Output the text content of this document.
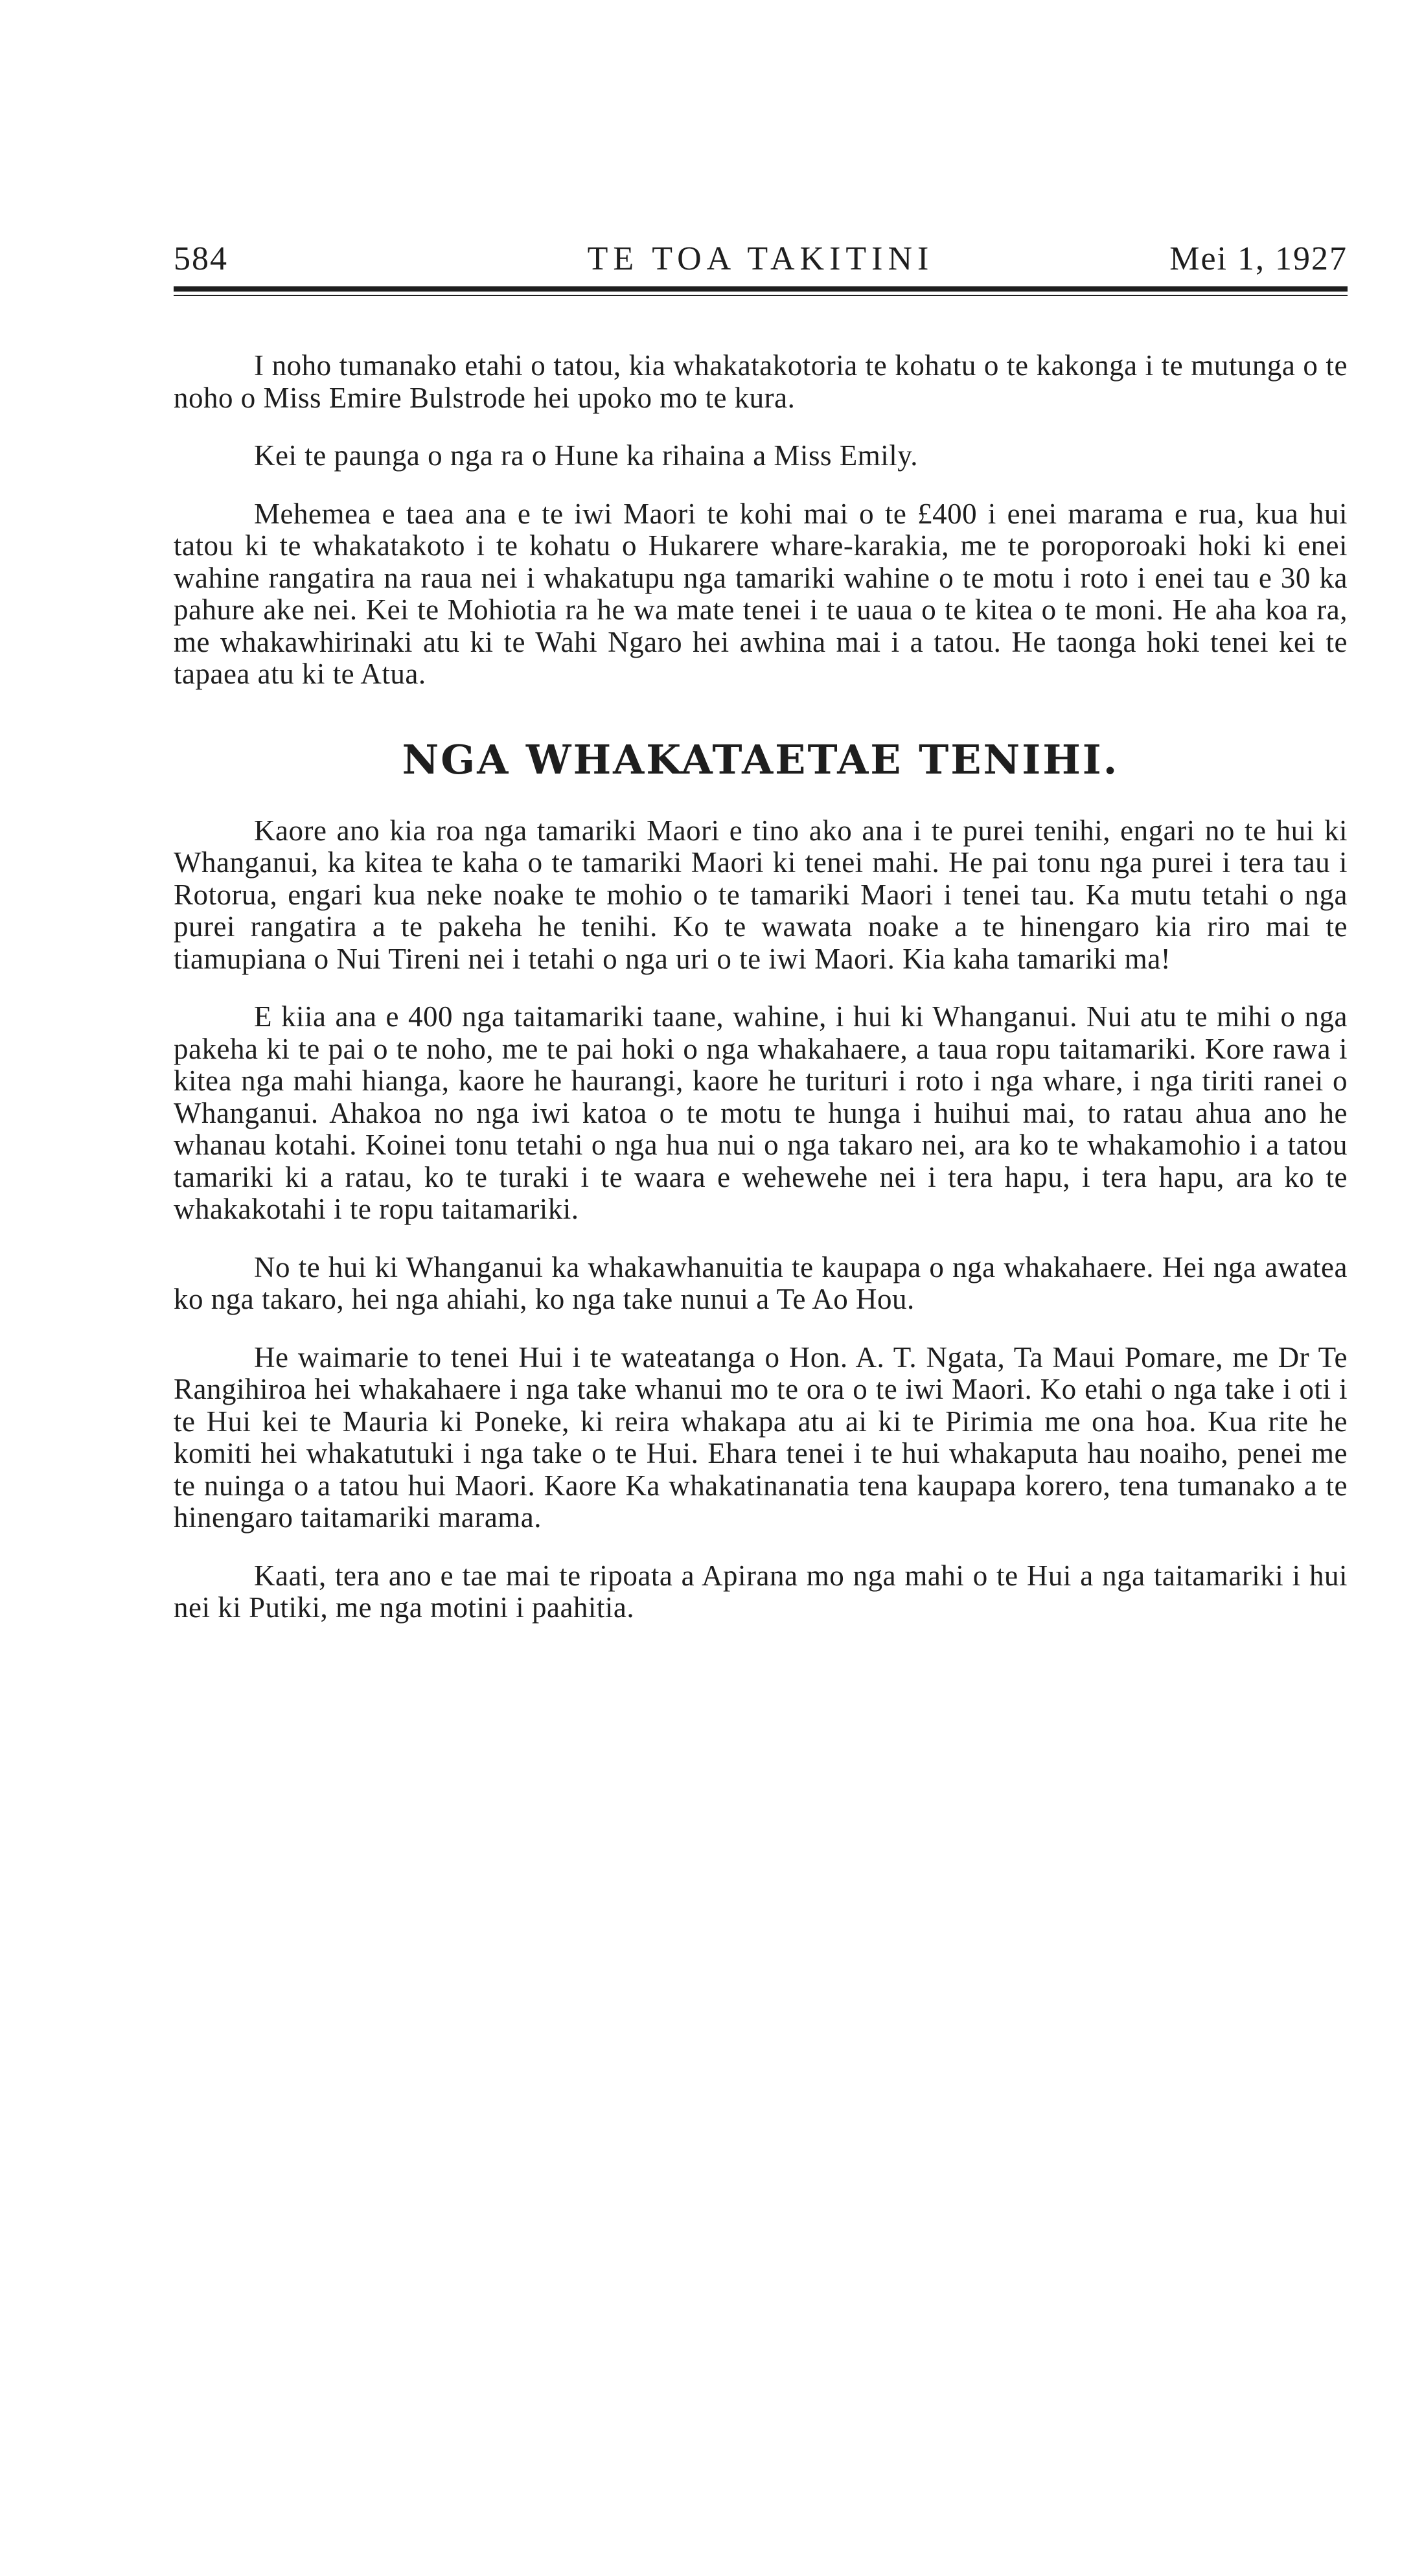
584	TE TOA TAKITINI	Mei 1, 1927

I noho tumanako etahi o tatou, kia whakatakotoria te kohatu o te kakonga i te mutunga o te noho o Miss Emire Bulstrode hei upoko mo te kura.

Kei te paunga o nga ra o Hune ka rihaina a Miss Emily.

Mehemea e taea ana e te iwi Maori te kohi mai o te £400 i enei marama e rua, kua hui tatou ki te whakatakoto i te kohatu o Hukarere whare-karakia, me te poroporoaki hoki ki enei wahine rangatira na raua nei i whakatupu nga tamariki wahine o te motu i roto i enei tau e 30 ka pahure ake nei. Kei te Mohiotia ra he wa mate tenei i te uaua o te kitea o te moni. He aha koa ra, me whakawhirinaki atu ki te Wahi Ngaro hei awhina mai i a tatou. He taonga hoki tenei kei te tapaea atu ki te Atua.

NGA WHAKATAETAE TENIHI.

Kaore ano kia roa nga tamariki Maori e tino ako ana i te purei tenihi, engari no te hui ki Whanganui, ka kitea te kaha o te tamariki Maori ki tenei mahi. He pai tonu nga purei i tera tau i Rotorua, engari kua neke noake te mohio o te tamariki Maori i tenei tau. Ka mutu tetahi o nga purei rangatira a te pakeha he tenihi. Ko te wawata noake a te hinengaro kia riro mai te tiamupiana o Nui Tireni nei i tetahi o nga uri o te iwi Maori. Kia kaha tamariki ma!

E kiia ana e 400 nga taitamariki taane, wahine, i hui ki Whanganui. Nui atu te mihi o nga pakeha ki te pai o te noho, me te pai hoki o nga whakahaere, a taua ropu taitamariki. Kore rawa i kitea nga mahi hianga, kaore he haurangi, kaore he turituri i roto i nga whare, i nga tiriti ranei o Whanganui. Ahakoa no nga iwi katoa o te motu te hunga i huihui mai, to ratau ahua ano he whanau kotahi. Koinei tonu tetahi o nga hua nui o nga takaro nei, ara ko te whakamohio i a tatou tamariki ki a ratau, ko te turaki i te waara e wehewehe nei i tera hapu, i tera hapu, ara ko te whakakotahi i te ropu taitamariki.

No te hui ki Whanganui ka whakawhanuitia te kaupapa o nga whakahaere. Hei nga awatea ko nga takaro, hei nga ahiahi, ko nga take nunui a Te Ao Hou.

He waimarie to tenei Hui i te wateatanga o Hon. A. T. Ngata, Ta Maui Pomare, me Dr Te Rangihiroa hei whakahaere i nga take whanui mo te ora o te iwi Maori. Ko etahi o nga take i oti i te Hui kei te Mauria ki Poneke, ki reira whakapa atu ai ki te Pirimia me ona hoa. Kua rite he komiti hei whakatutuki i nga take o te Hui. Ehara tenei i te hui whakaputa hau noaiho, penei me te nuinga o a tatou hui Maori. Kaore Ka whakatinanatia tena kaupapa korero, tena tumanako a te hinengaro taitamariki marama.

Kaati, tera ano e tae mai te ripoata a Apirana mo nga mahi o te Hui a nga taitamariki i hui nei ki Putiki, me nga motini i paahitia.
